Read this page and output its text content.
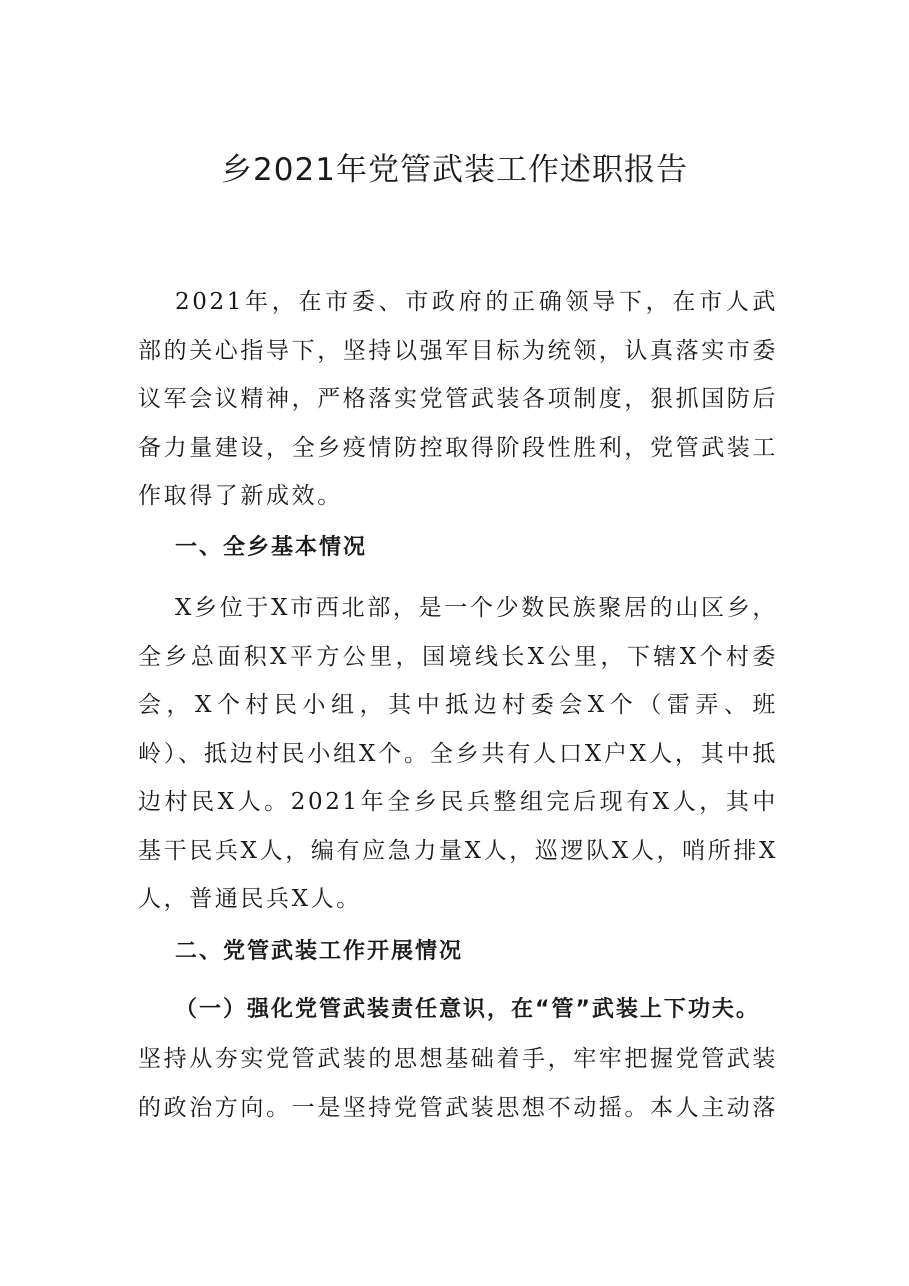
乡2021年党管武装工作述职报告

2021年，在市委、市政府的正确领导下，在市人武部的关心指导下，坚持以强军目标为统领，认真落实市委议军会议精神，严格落实党管武装各项制度，狠抓国防后备力量建设，全乡疫情防控取得阶段性胜利，党管武装工作取得了新成效。

一、全乡基本情况

X乡位于X市西北部，是一个少数民族聚居的山区乡，全乡总面积X平方公里，国境线长X公里，下辖X个村委会，X个村民小组，其中抵边村委会X个（雷弄、班岭）、抵边村民小组X个。全乡共有人口X户X人，其中抵边村民X人。2021年全乡民兵整组完后现有X人，其中基干民兵X人，编有应急力量X人，巡逻队X人，哨所排X人，普通民兵X人。

二、党管武装工作开展情况
（一）强化党管武装责任意识，在“管”武装上下功夫。

坚持从夯实党管武装的思想基础着手，牢牢把握党管武装的政治方向。一是坚持党管武装思想不动摇。本人主动落
